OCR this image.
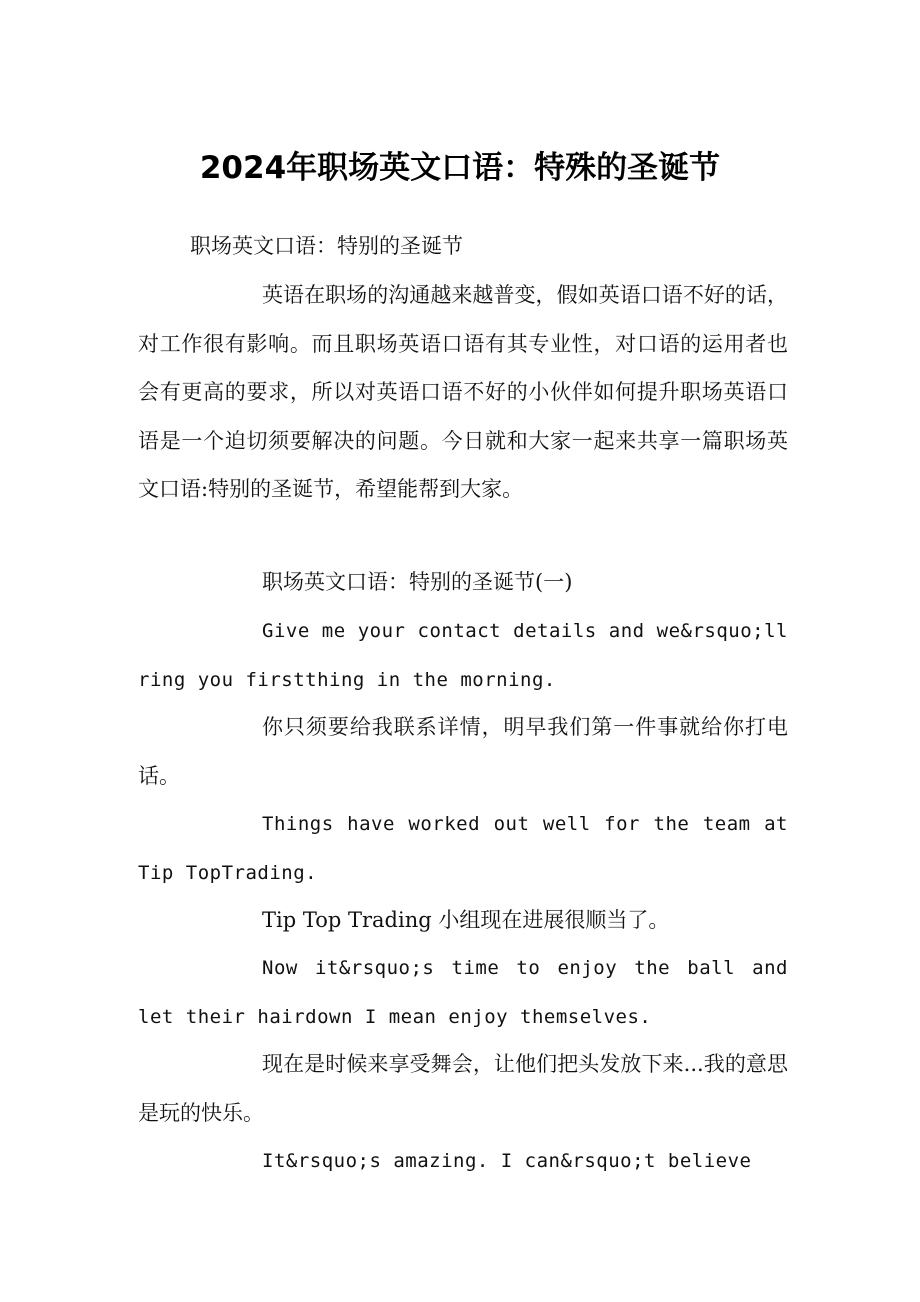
2024年职场英文口语：特殊的圣诞节
职场英文口语：特别的圣诞节

英语在职场的沟通越来越普变，假如英语口语不好的话，对工作很有影响。而且职场英语口语有其专业性，对口语的运用者也会有更高的要求，所以对英语口语不好的小伙伴如何提升职场英语口语是一个迫切须要解决的问题。今日就和大家一起来共享一篇职场英文口语:特别的圣诞节，希望能帮到大家。

职场英文口语：特别的圣诞节(一)

Give me your contact details and we&rsquo;ll ring you firstthing in the morning.

你只须要给我联系详情，明早我们第一件事就给你打电话。

Things have worked out well for the team at Tip TopTrading.

Tip Top Trading 小组现在进展很顺当了。

Now it&rsquo;s time to enjoy the ball and let their hairdown I mean enjoy themselves.

现在是时候来享受舞会，让他们把头发放下来...我的意思是玩的快乐。

It&rsquo;s amazing. I can&rsquo;t believe
